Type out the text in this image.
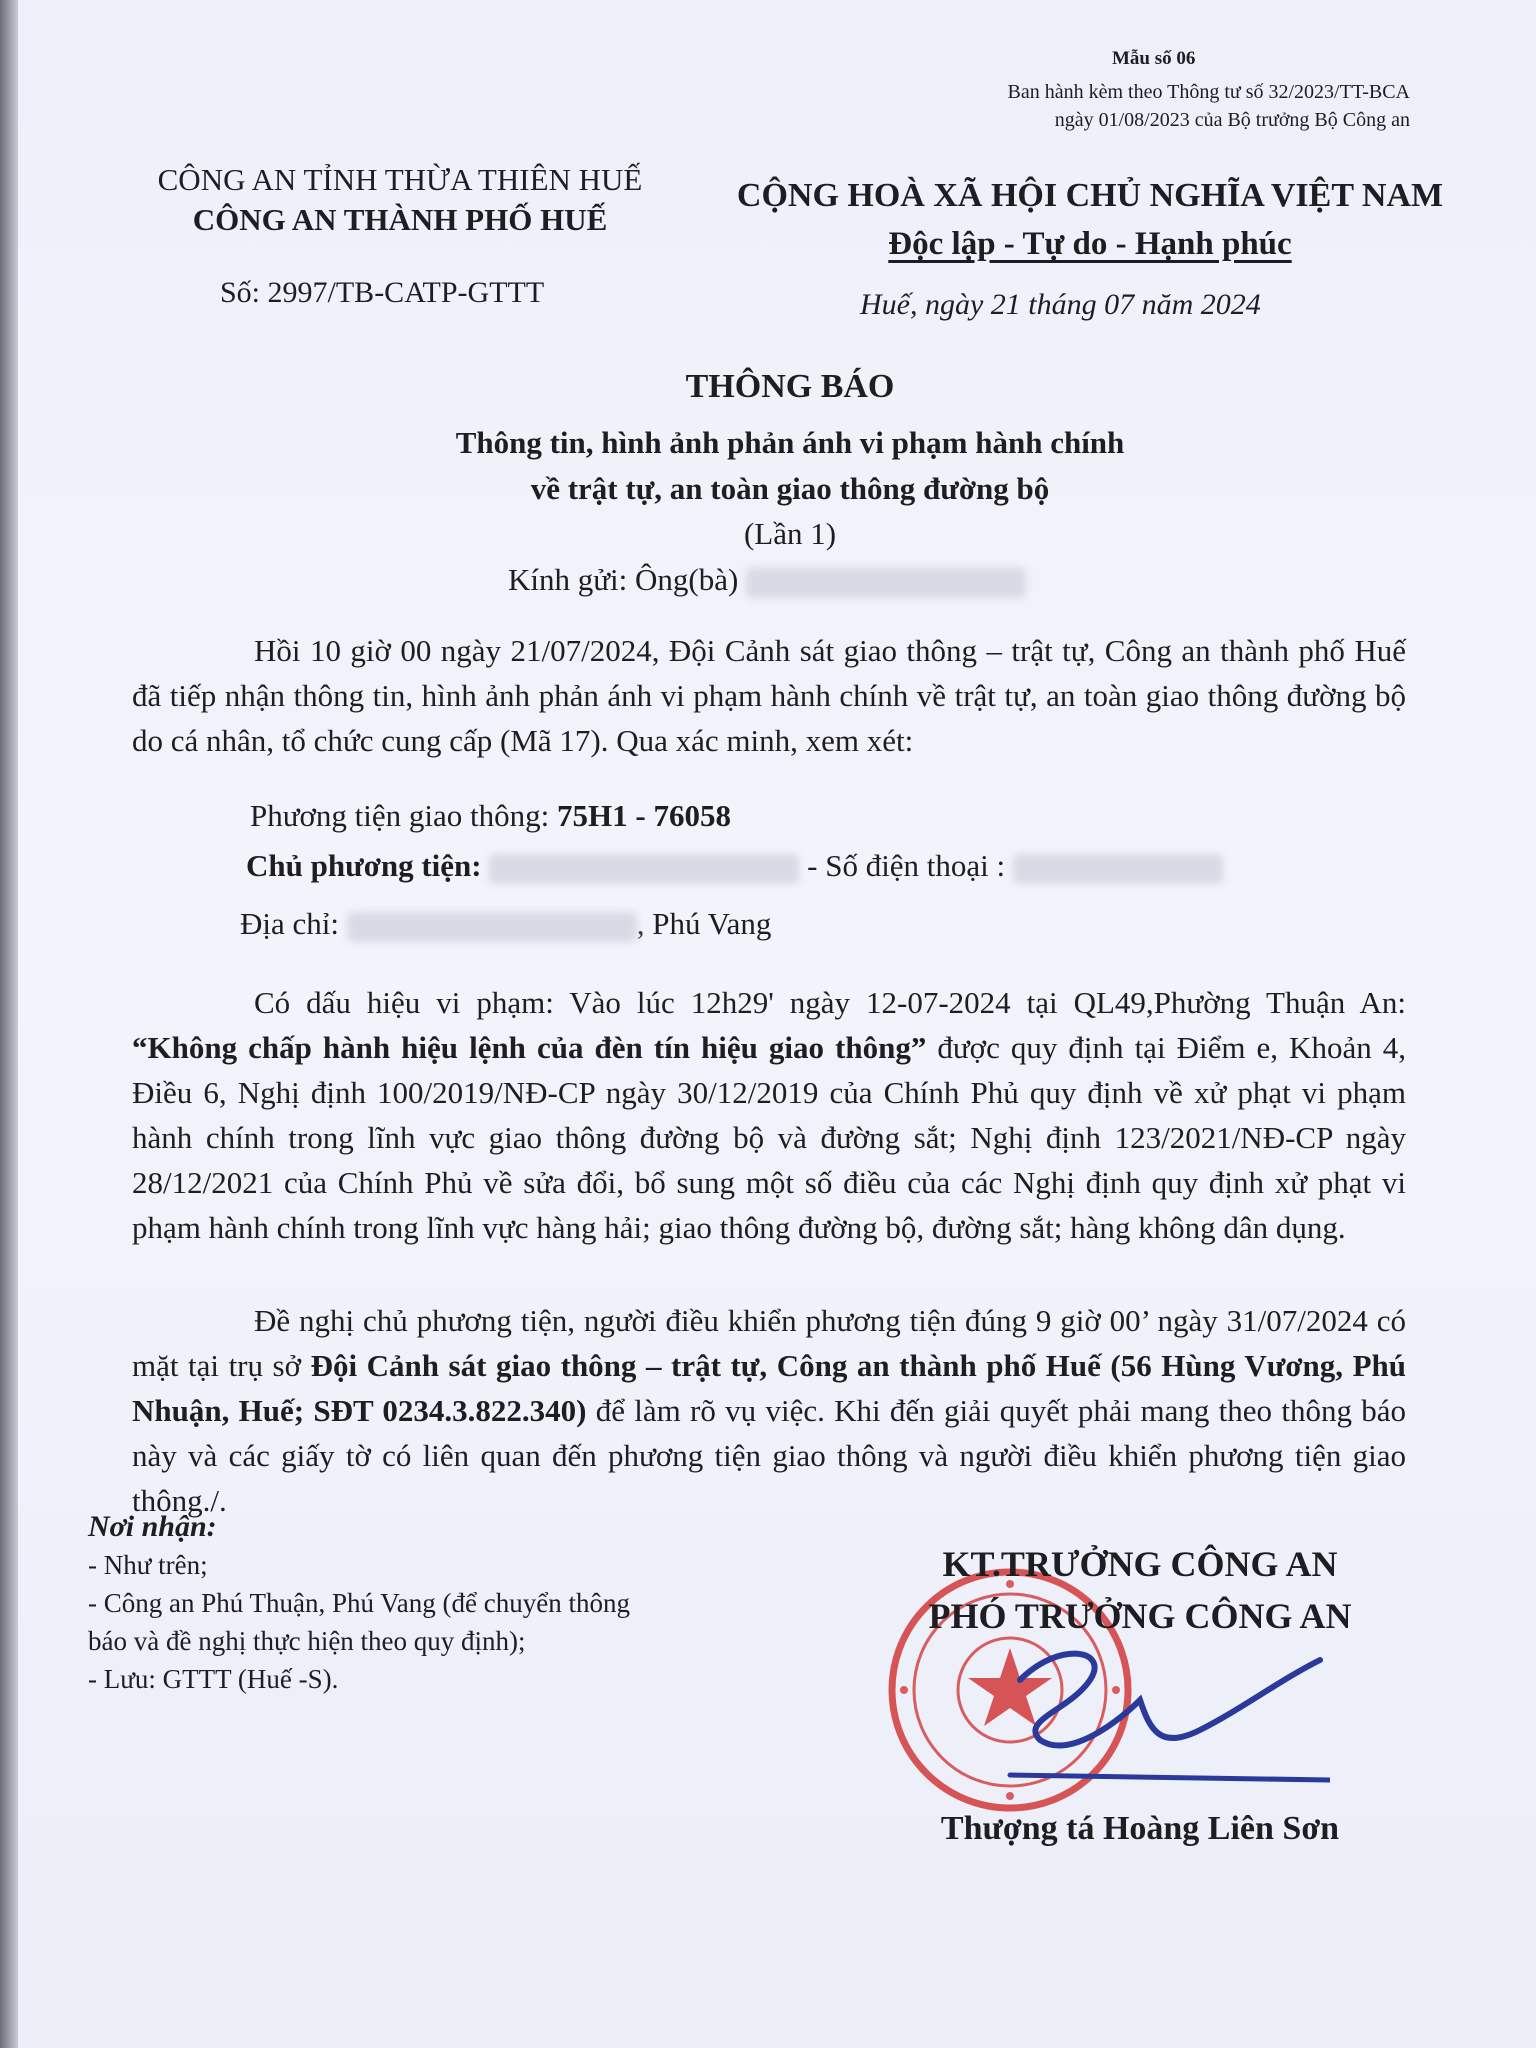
Mẫu số 06
Ban hành kèm theo Thông tư số 32/2023/TT-BCA
ngày 01/08/2023 của Bộ trưởng Bộ Công an
CÔNG AN TỈNH THỪA THIÊN HUẾ
CÔNG AN THÀNH PHỐ HUẾ
CỘNG HOÀ XÃ HỘI CHỦ NGHĨA VIỆT NAM
Độc lập - Tự do - Hạnh phúc
Số: 2997/TB-CATP-GTTT	Huế, ngày 21 tháng 07 năm 2024
THÔNG BÁO
Thông tin, hình ảnh phản ánh vi phạm hành chính
về trật tự, an toàn giao thông đường bộ
(Lần 1)
Kính gửi: Ông(bà)
Hồi 10 giờ 00 ngày 21/07/2024, Đội Cảnh sát giao thông – trật tự, Công an thành phố Huế đã tiếp nhận thông tin, hình ảnh phản ánh vi phạm hành chính về trật tự, an toàn giao thông đường bộ do cá nhân, tổ chức cung cấp (Mã 17). Qua xác minh, xem xét:
Phương tiện giao thông: 75H1 - 76058
Chủ phương tiện:	- Số điện thoại :
Địa chỉ:	, Phú Vang
Có dấu hiệu vi phạm: Vào lúc 12h29' ngày 12-07-2024 tại QL49,Phường Thuận An: “Không chấp hành hiệu lệnh của đèn tín hiệu giao thông” được quy định tại Điểm e, Khoản 4, Điều 6, Nghị định 100/2019/NĐ-CP ngày 30/12/2019 của Chính Phủ quy định về xử phạt vi phạm hành chính trong lĩnh vực giao thông đường bộ và đường sắt; Nghị định 123/2021/NĐ-CP ngày 28/12/2021 của Chính Phủ về sửa đổi, bổ sung một số điều của các Nghị định quy định xử phạt vi phạm hành chính trong lĩnh vực hàng hải; giao thông đường bộ, đường sắt; hàng không dân dụng.
Đề nghị chủ phương tiện, người điều khiển phương tiện đúng 9 giờ 00’ ngày 31/07/2024 có mặt tại trụ sở Đội Cảnh sát giao thông – trật tự, Công an thành phố Huế (56 Hùng Vương, Phú Nhuận, Huế; SĐT 0234.3.822.340) để làm rõ vụ việc. Khi đến giải quyết phải mang theo thông báo này và các giấy tờ có liên quan đến phương tiện giao thông và người điều khiển phương tiện giao thông./.
Nơi nhận:
- Như trên;
- Công an Phú Thuận, Phú Vang (để chuyển thông
báo và đề nghị thực hiện theo quy định);
- Lưu: GTTT (Huế -S).
KT.TRƯỞNG CÔNG AN
PHÓ TRƯỞNG CÔNG AN
Thượng tá Hoàng Liên Sơn
